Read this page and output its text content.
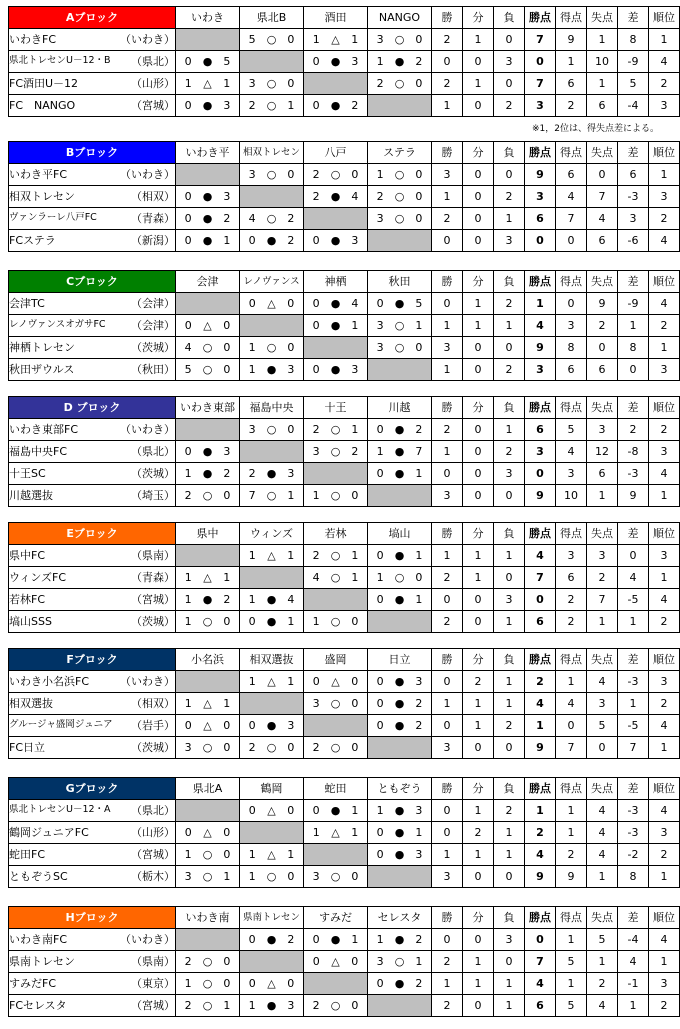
Aブロック	いわき	県北B	酒田	NANGO	勝	分	負	勝点	得点	失点	差	順位

いわきFC （いわき）		5 ○ 0	1 △ 1	3 ○ 0	2	1	0	7	9	1	8	1

県北トレセンU－12・B （県北）	0 ● 5		0 ● 3	1 ● 2	0	0	3	0	1	10	-9	4

FC酒田U－12 （山形）	1 △ 1	3 ○ 0		2 ○ 0	2	1	0	7	6	1	5	2

FC　NANGO （宮城）	0 ● 3	2 ○ 1	0 ● 2		1	0	2	3	2	6	-4	3
※1，2位は、得失点差による。
Bブロック	いわき平	相双トレセン	八戸	ステラ	勝	分	負	勝点	得点	失点	差	順位

いわき平FC （いわき）		3 ○ 0	2 ○ 0	1 ○ 0	3	0	0	9	6	0	6	1

相双トレセン （相双）	0 ● 3		2 ● 4	2 ○ 0	1	0	2	3	4	7	-3	3

ヴァンラーレ八戸FC （青森）	0 ● 2	4 ○ 2		3 ○ 0	2	0	1	6	7	4	3	2

FCステラ （新潟）	0 ● 1	0 ● 2	0 ● 3		0	0	3	0	0	6	-6	4
Cブロック	会津	レノヴァンス	神栖	秋田	勝	分	負	勝点	得点	失点	差	順位

会津TC （会津）		0 △ 0	0 ● 4	0 ● 5	0	1	2	1	0	9	-9	4

レノヴァンスオガサFC （会津）	0 △ 0		0 ● 1	3 ○ 1	1	1	1	4	3	2	1	2

神栖トレセン （茨城）	4 ○ 0	1 ○ 0		3 ○ 0	3	0	0	9	8	0	8	1

秋田ザウルス （秋田）	5 ○ 0	1 ● 3	0 ● 3		1	0	2	3	6	6	0	3
D ブロック	いわき東部	福島中央	十王	川越	勝	分	負	勝点	得点	失点	差	順位

いわき東部FC （いわき）		3 ○ 0	2 ○ 1	0 ● 2	2	0	1	6	5	3	2	2

福島中央FC （県北）	0 ● 3		3 ○ 2	1 ● 7	1	0	2	3	4	12	-8	3

十王SC （茨城）	1 ● 2	2 ● 3		0 ● 1	0	0	3	0	3	6	-3	4

川越選抜 （埼玉）	2 ○ 0	7 ○ 1	1 ○ 0		3	0	0	9	10	1	9	1
Eブロック	県中	ウィンズ	若林	塙山	勝	分	負	勝点	得点	失点	差	順位

県中FC （県南）		1 △ 1	2 ○ 1	0 ● 1	1	1	1	4	3	3	0	3

ウィンズFC （青森）	1 △ 1		4 ○ 1	1 ○ 0	2	1	0	7	6	2	4	1

若林FC （宮城）	1 ● 2	1 ● 4		0 ● 1	0	0	3	0	2	7	-5	4

塙山SSS （茨城）	1 ○ 0	0 ● 1	1 ○ 0		2	0	1	6	2	1	1	2
Fブロック	小名浜	相双選抜	盛岡	日立	勝	分	負	勝点	得点	失点	差	順位

いわき小名浜FC （いわき）		1 △ 1	0 △ 0	0 ● 3	0	2	1	2	1	4	-3	3

相双選抜 （相双）	1 △ 1		3 ○ 0	0 ● 2	1	1	1	4	4	3	1	2

グルージャ盛岡ジュニア （岩手）	0 △ 0	0 ● 3		0 ● 2	0	1	2	1	0	5	-5	4

FC日立 （茨城）	3 ○ 0	2 ○ 0	2 ○ 0		3	0	0	9	7	0	7	1
Gブロック	県北A	鶴岡	蛇田	ともぞう	勝	分	負	勝点	得点	失点	差	順位

県北トレセンU－12・A （県北）		0 △ 0	0 ● 1	1 ● 3	0	1	2	1	1	4	-3	4

鶴岡ジュニアFC （山形）	0 △ 0		1 △ 1	0 ● 1	0	2	1	2	1	4	-3	3

蛇田FC （宮城）	1 ○ 0	1 △ 1		0 ● 3	1	1	1	4	2	4	-2	2

ともぞうSC （栃木）	3 ○ 1	1 ○ 0	3 ○ 0		3	0	0	9	9	1	8	1
Hブロック	いわき南	県南トレセン	すみだ	セレスタ	勝	分	負	勝点	得点	失点	差	順位

いわき南FC （いわき）		0 ● 2	0 ● 1	1 ● 2	0	0	3	0	1	5	-4	4

県南トレセン （県南）	2 ○ 0		0 △ 0	3 ○ 1	2	1	0	7	5	1	4	1

すみだFC （東京）	1 ○ 0	0 △ 0		0 ● 2	1	1	1	4	1	2	-1	3

FCセレスタ （宮城）	2 ○ 1	1 ● 3	2 ○ 0		2	0	1	6	5	4	1	2
